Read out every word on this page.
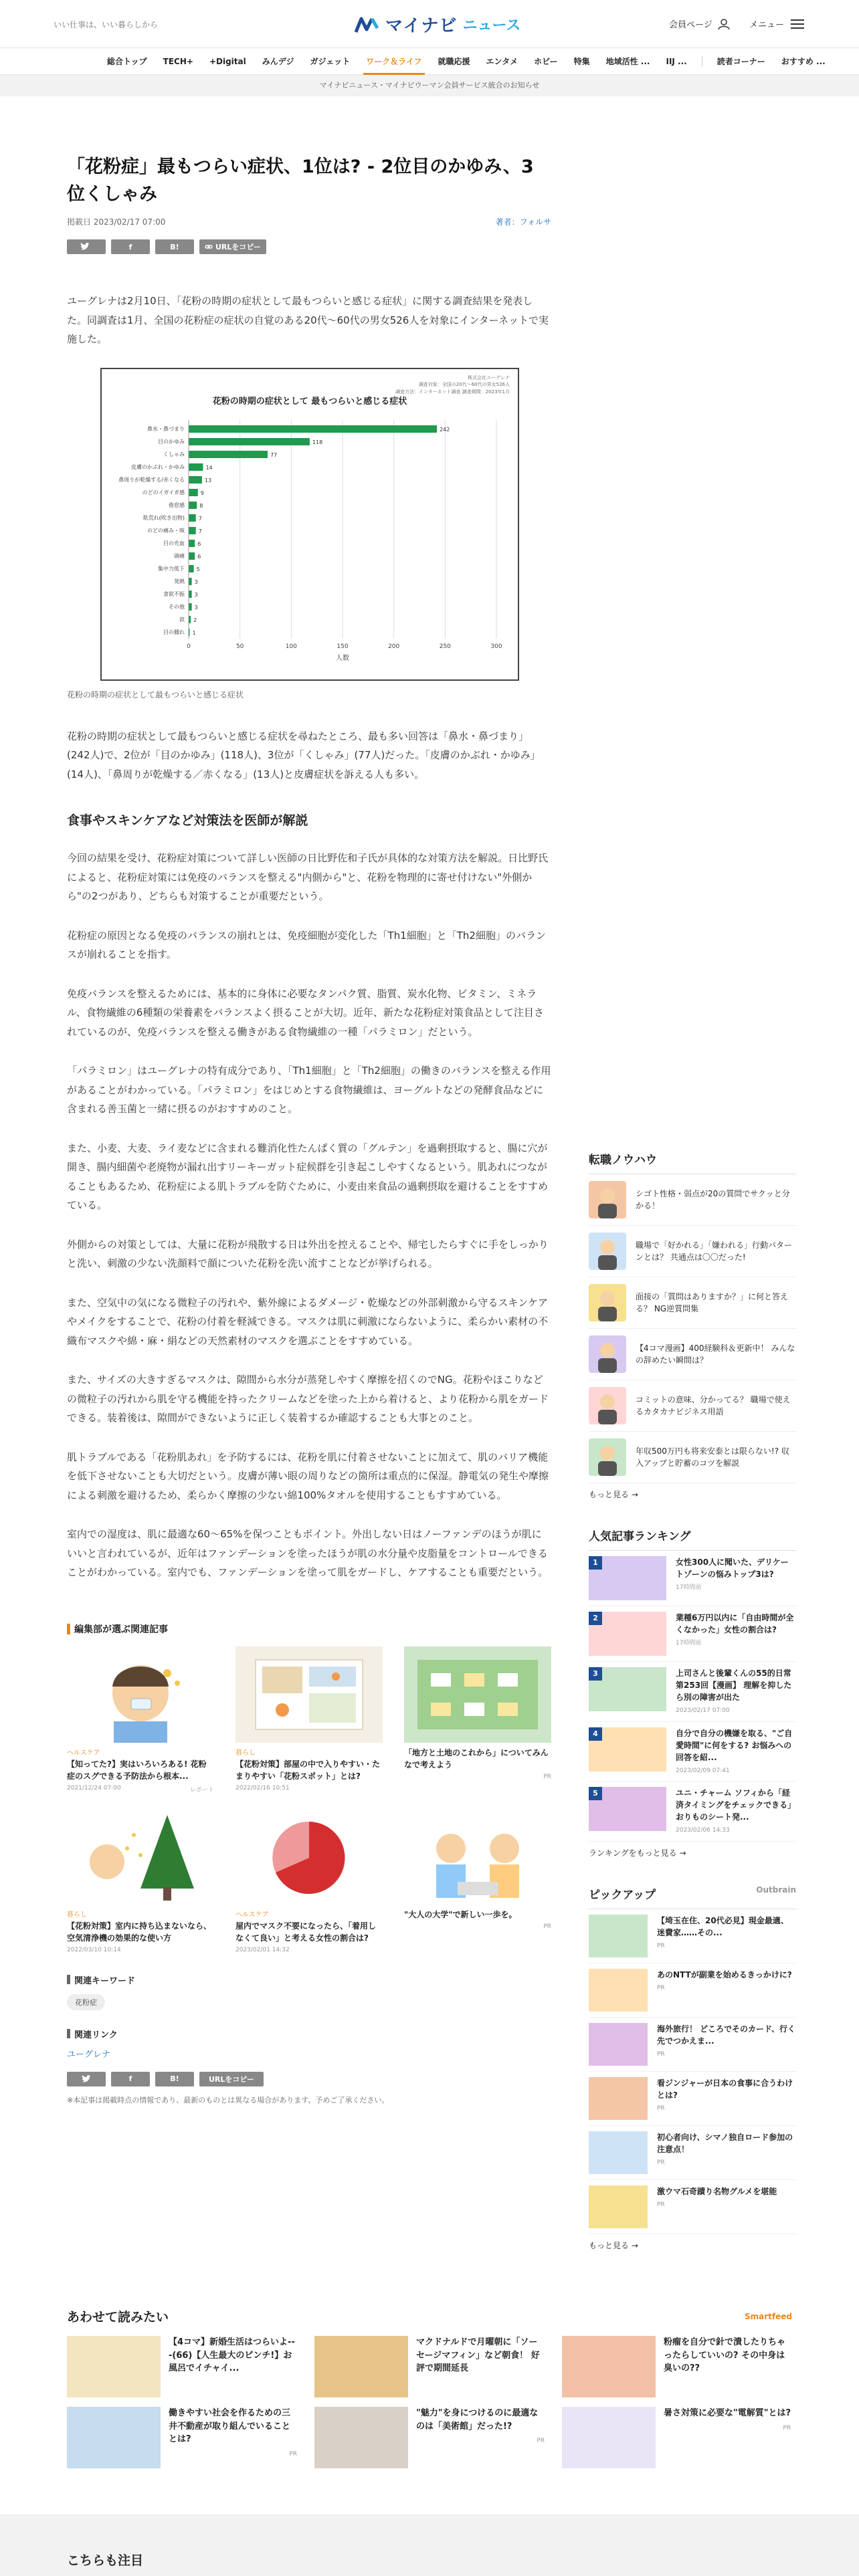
いい仕事は、いい暮らしから	マイナビ ニュース	会員ページ	メニュー
総合トップ	TECH+	+Digital	みんデジ	ガジェット	ワーク＆ライフ	就職応援	エンタメ	ホビー	特集	地域活性 ...	IIJ ...	読者コーナー	おすすめ ...
マイナビニュース・マイナビウーマン会員サービス統合のお知らせ
「花粉症」最もつらい症状、1位は? - 2位目のかゆみ、3位くしゃみ
掲載日 2023/02/17 07:00	著者：フォルサ
f	B!	URLをコピー

ユーグレナは2月10日、「花粉の時期の症状として最もつらいと感じる症状」に関する調査結果を発表した。同調査は1月、全国の花粉症の症状の自覚のある20代〜60代の男女526人を対象にインターネットで実施した。

株式会社ユーグレナ
調査対象：全国の20代〜60代の男女526人
調査方法：インターネット調査 調査期間：2023年1月
花粉の時期の症状として 最もつらいと感じる症状
0	50	100	150	200	250	300
人数
鼻水・鼻づまり	242
目のかゆみ	118
くしゃみ	77
皮膚のかぶれ・かゆみ	14
鼻周りが乾燥する/赤くなる	13
のどのイガイガ感	9
倦怠感	8
肌荒れ(吹き出物)	7
のどの痛み・咳	7
目の充血 6
頭痛 6
集中力低下 5
発熱 3
食欲不振 3
その他 3
涙 2
目の腫れ 1
花粉の時期の症状として最もつらいと感じる症状

花粉の時期の症状として最もつらいと感じる症状を尋ねたところ、最も多い回答は「鼻水・鼻づまり」(242人)で、2位が「目のかゆみ」(118人)、3位が「くしゃみ」(77人)だった。「皮膚のかぶれ・かゆみ」(14人)、「鼻周りが乾燥する／赤くなる」(13人)と皮膚症状を訴える人も多い。

食事やスキンケアなど対策法を医師が解説

今回の結果を受け、花粉症対策について詳しい医師の日比野佐和子氏が具体的な対策方法を解説。日比野氏によると、花粉症対策には免疫のバランスを整える"内側から"と、花粉を物理的に寄せ付けない"外側から"の2つがあり、どちらも対策することが重要だという。

花粉症の原因となる免疫のバランスの崩れとは、免疫細胞が変化した「Th1細胞」と「Th2細胞」のバランスが崩れることを指す。

免疫バランスを整えるためには、基本的に身体に必要なタンパク質、脂質、炭水化物、ビタミン、ミネラル、食物繊維の6種類の栄養素をバランスよく摂ることが大切。近年、新たな花粉症対策食品として注目されているのが、免疫バランスを整える働きがある食物繊維の一種「パラミロン」だという。

「パラミロン」はユーグレナの特有成分であり、「Th1細胞」と「Th2細胞」の働きのバランスを整える作用があることがわかっている。「パラミロン」をはじめとする食物繊維は、ヨーグルトなどの発酵食品などに含まれる善玉菌と一緒に摂るのがおすすめのこと。

また、小麦、大麦、ライ麦などに含まれる難消化性たんぱく質の「グルテン」を過剰摂取すると、腸に穴が開き、腸内細菌や老廃物が漏れ出すリーキーガット症候群を引き起こしやすくなるという。肌あれにつながることもあるため、花粉症による肌トラブルを防ぐために、小麦由来食品の過剰摂取を避けることをすすめている。

外側からの対策としては、大量に花粉が飛散する日は外出を控えることや、帰宅したらすぐに手をしっかりと洗い、刺激の少ない洗顔料で顔についた花粉を洗い流すことなどが挙げられる。

また、空気中の気になる微粒子の汚れや、紫外線によるダメージ・乾燥などの外部刺激から守るスキンケアやメイクをすることで、花粉の付着を軽減できる。マスクは肌に刺激にならないように、柔らかい素材の不織布マスクや綿・麻・絹などの天然素材のマスクを選ぶことをすすめている。

また、サイズの大きすぎるマスクは、隙間から水分が蒸発しやすく摩擦を招くのでNG。花粉やほこりなどの微粒子の汚れから肌を守る機能を持ったクリームなどを塗った上から着けると、より花粉から肌をガードできる。装着後は、隙間ができないように正しく装着するか確認することも大事とのこと。

肌トラブルである「花粉肌あれ」を予防するには、花粉を肌に付着させないことに加えて、肌のバリア機能を低下させないことも大切だという。皮膚が薄い眼の周りなどの箇所は重点的に保湿。静電気の発生や摩擦による刺激を避けるため、柔らかく摩擦の少ない綿100%タオルを使用することもすすめている。

室内での湿度は、肌に最適な60〜65%を保つこともポイント。外出しない日はノーファンデのほうが肌にいいと言われているが、近年はファンデーションを塗ったほうが肌の水分量や皮脂量をコントロールできることがわかっている。室内でも、ファンデーションを塗って肌をガードし、ケアすることも重要だという。

編集部が選ぶ関連記事
ヘルスケア
【知ってた?】実はいろいろある! 花粉症のスグできる予防法から根本...
2021/12/24 07:00	レポート
暮らし
【花粉対策】部屋の中で入りやすい・たまりやすい「花粉スポット」とは?
2022/02/16 10:51
「地方と土地のこれから」についてみんなで考えよう
PR
暮らし
【花粉対策】室内に持ち込まないなら、空気清浄機の効果的な使い方
2022/03/10 10:14
ヘルスケア
屋内でマスク不要になったら、「着用しなくて良い」と考える女性の割合は?
2023/02/01 14:32
"大人の大学"で新しい一歩を。
PR
関連キーワード
花粉症
関連リンク
ユーグレナ
f	B!	URLをコピー
※本記事は掲載時点の情報であり、最新のものとは異なる場合があります。予めご了承ください。
転職ノウハウ
シゴト性格・弱点が20の質問でサクッと分かる！
職場で「好かれる」「嫌われる」行動パターンとは？ 共通点は〇〇だった!
面接の「質問はありますか？」に何と答える？ NG逆質問集
【4コマ漫画】400経験科＆更新中！ みんなの辞めたい瞬間は？
コミットの意味、分かってる？ 職場で使えるカタカナビジネス用語
年収500万円も将来安泰とは限らない!? 収入アップと貯蓄のコツを解説
もっと見る →
人気記事ランキング
1	女性300人に聞いた、デリケートゾーンの悩みトップ3は?
17時間前
2	業種6万円以内に「自由時間が全くなかった」女性の割合は?
17時間前
3	上司さんと後輩くんの55的日常 第253回【漫画】 理解を抑したら別の障害が出た
2023/02/17 07:00
4	自分で自分の機嫌を取る、"ご自愛時間"に何をする? お悩みへの回答を紹...
2023/02/09 07:41
5	ユニ・チャーム ソフィから「経済タイミングをチェックできる」おりものシート発...
2023/02/06 14:33
ランキングをもっと見る →
ピックアップ	Outbrain
【埼玉在住、20代必見】現金最適、迷費家……その...
PR
あのNTTが副業を始めるきっかけに?
PR
海外旅行！ どころでそのカード、行く先でつかえま...
PR
看ジンジャーが日本の食事に合うわけとは?
PR
初心者向け、シマノ独自ロード参加の注意点！
PR
激ウマ石奇蹟り名物グルメを堪能
PR
もっと見る →
あわせて読みたい	Smartfeed
【4コマ】新婚生活はつらいよ---(66)【人生最大のピンチ!】お風呂でイチャイ...
マクドナルドで月曜朝に「ソーセージマフィン」など朝食！ 好評で期間延長
粉瘤を自分で針で潰したりちゃったらしていいの? その中身は臭いの??
働きやすい社会を作るための三井不動産が取り組んでいることとは?
PR
"魅力"を身につけるのに最適なのは「美術館」だった!?
PR
暑さ対策に必要な"電解質"とは?
PR
こちらも注目
